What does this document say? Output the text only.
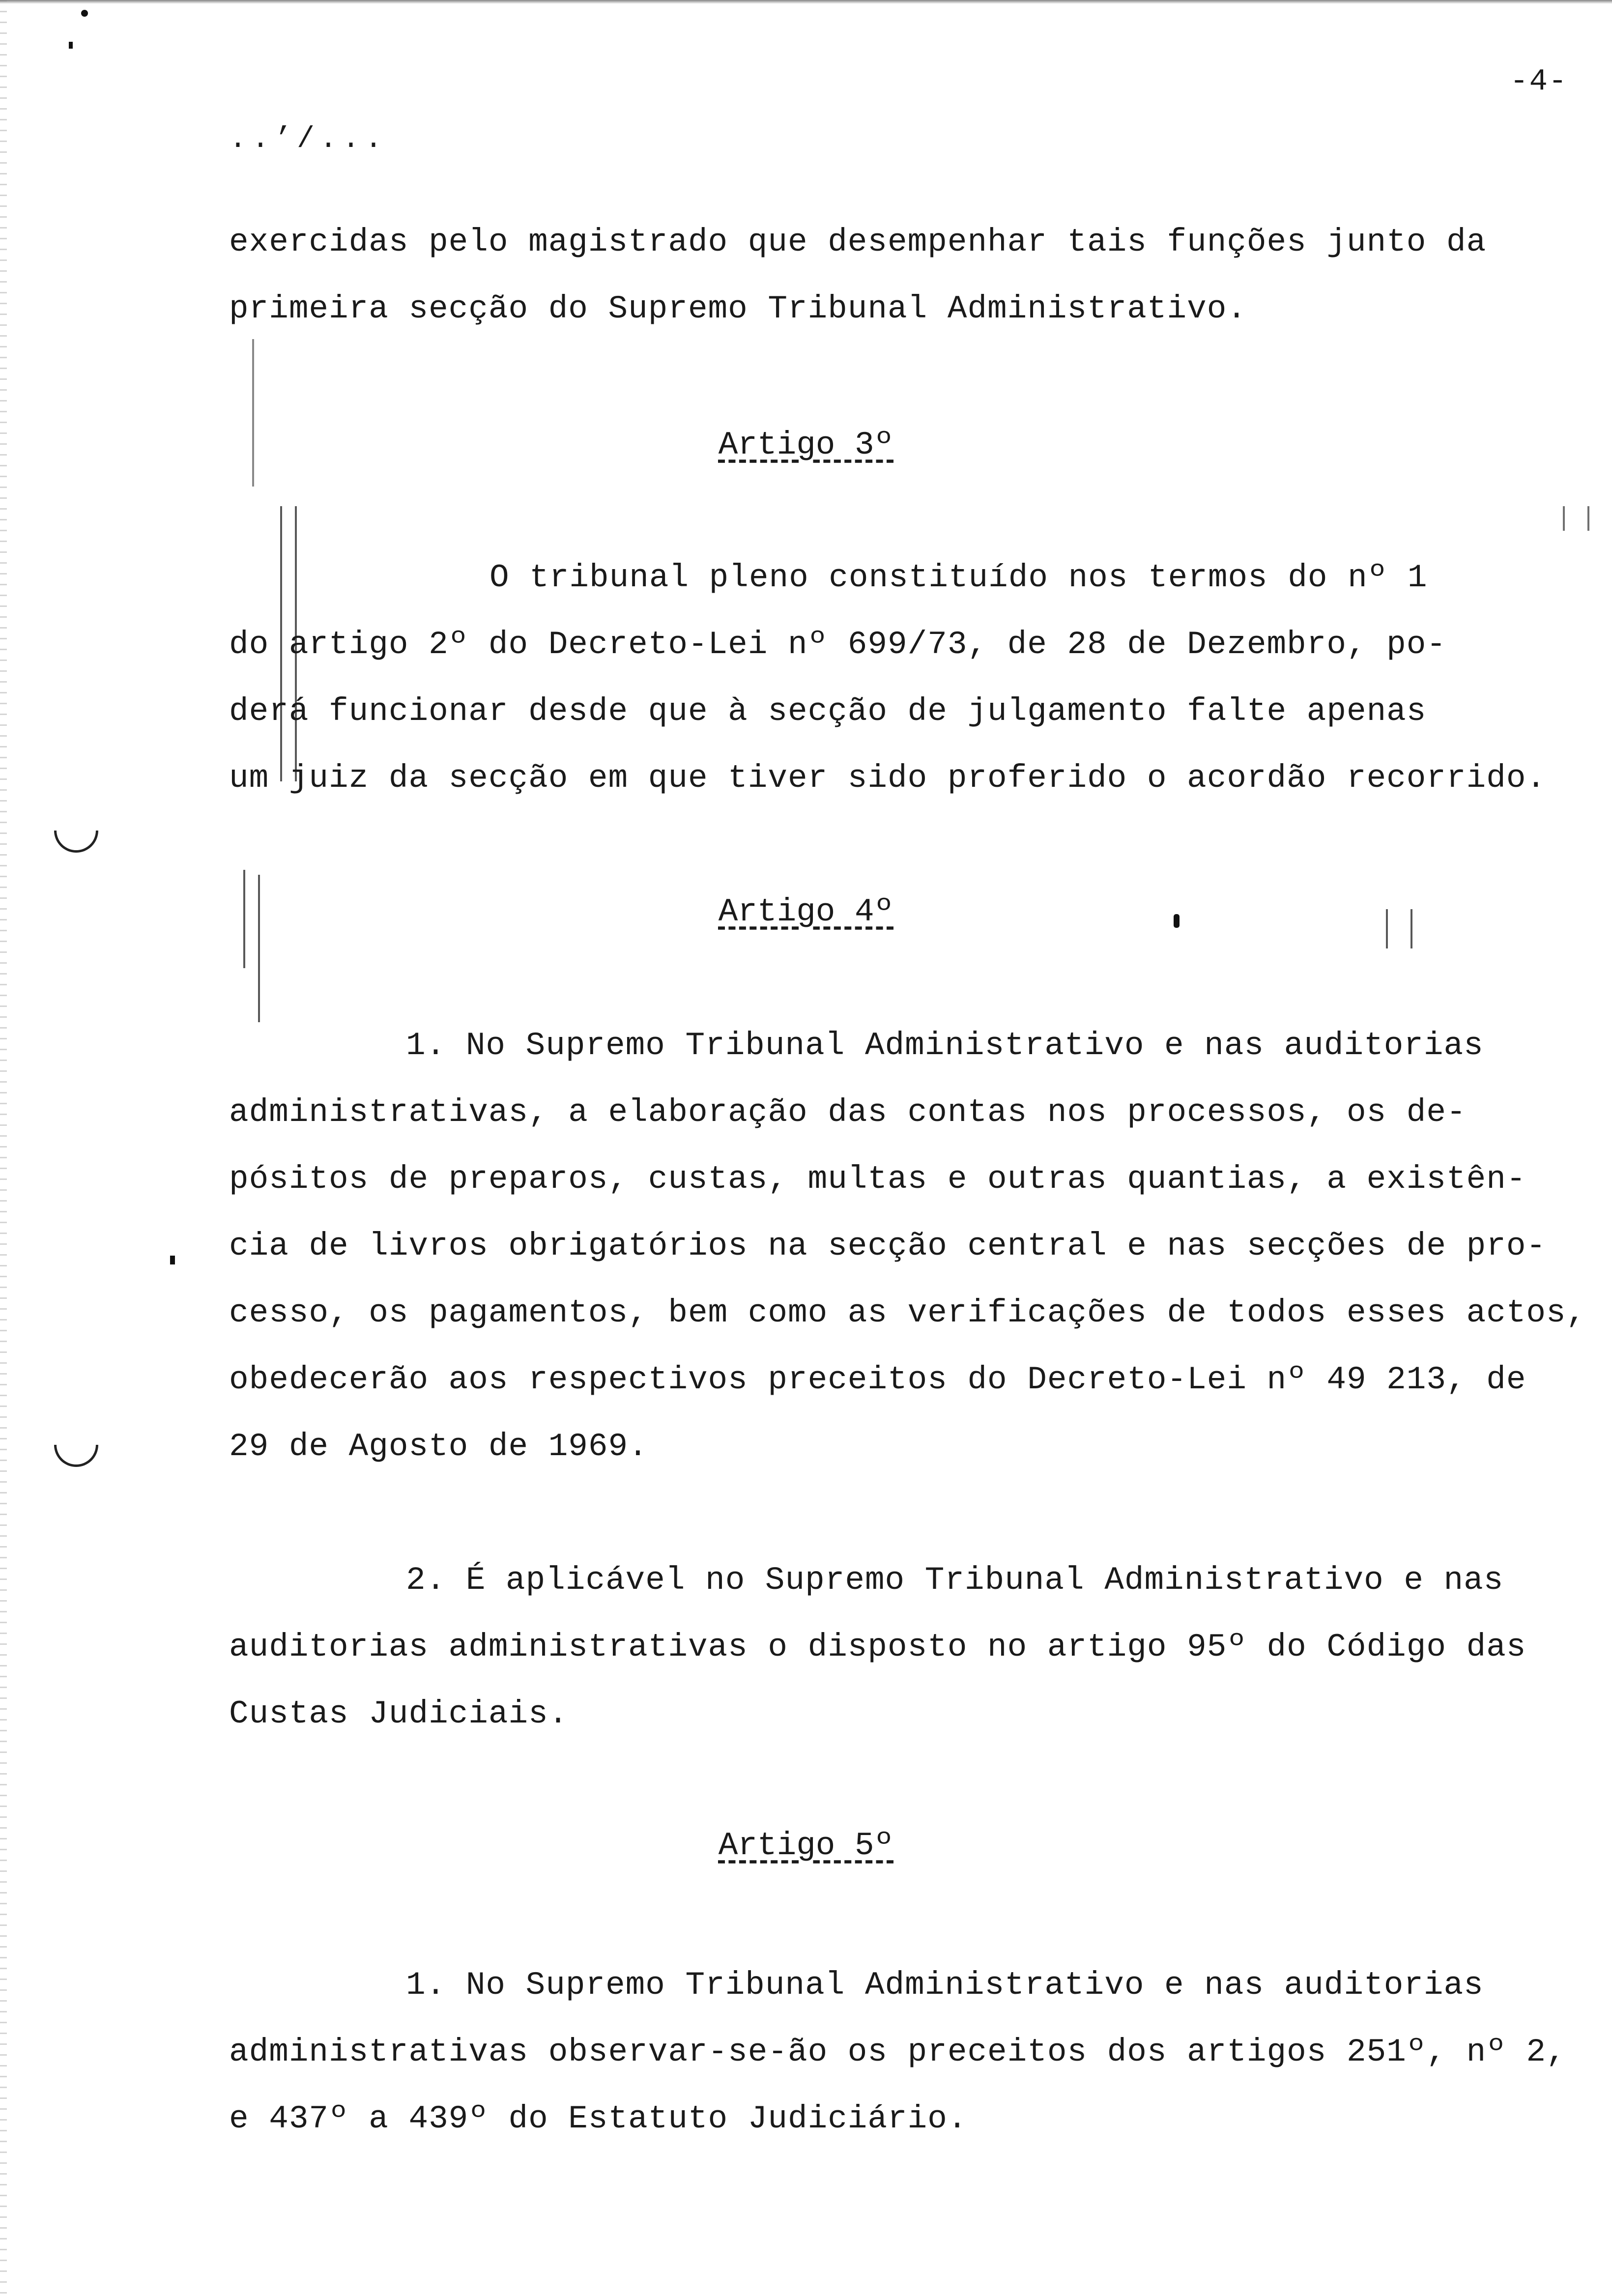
-4-
..’/...

exercidas pelo magistrado que desempenhar tais funções junto da

primeira secção do Supremo Tribunal Administrativo.

Artigo 3º

O tribunal pleno constituído nos termos do nº 1

do artigo 2º do Decreto-Lei nº 699/73, de 28 de Dezembro, po-

derá funcionar desde que à secção de julgamento falte apenas

um juiz da secção em que tiver sido proferido o acordão recorrido.

Artigo 4º

1. No Supremo Tribunal Administrativo e nas auditorias

administrativas, a elaboração das contas nos processos, os de-

pósitos de preparos, custas, multas e outras quantias, a existên-

cia de livros obrigatórios na secção central e nas secções de pro-

cesso, os pagamentos, bem como as verificações de todos esses actos,

obedecerão aos respectivos preceitos do Decreto-Lei nº 49 213, de

29 de Agosto de 1969.

2. É aplicável no Supremo Tribunal Administrativo e nas

auditorias administrativas o disposto no artigo 95º do Código das

Custas Judiciais.

Artigo 5º

1. No Supremo Tribunal Administrativo e nas auditorias

administrativas observar-se-ão os preceitos dos artigos 251º, nº 2,

e 437º a 439º do Estatuto Judiciário.
